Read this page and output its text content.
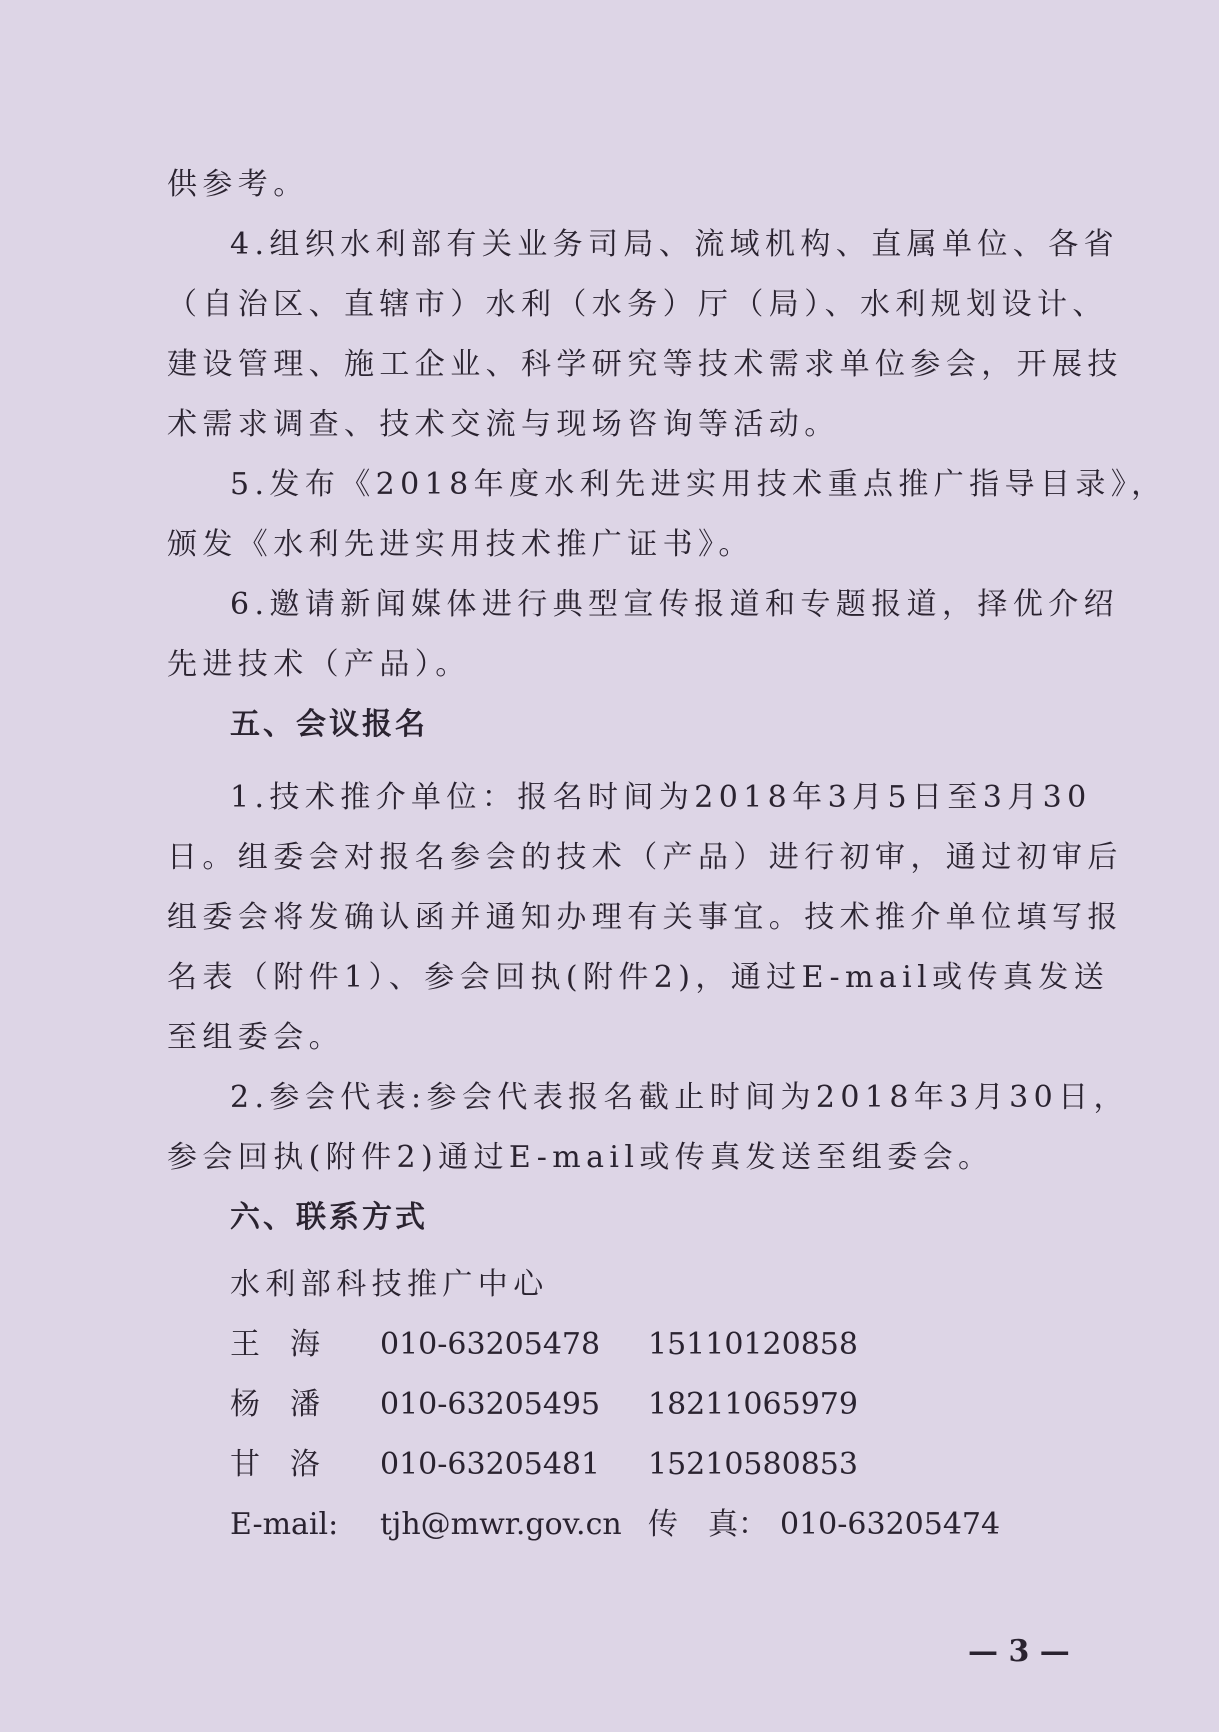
供参考。
4.组织水利部有关业务司局、流域机构、直属单位、各省
（自治区、直辖市）水利（水务）厅（局）、水利规划设计、
建设管理、施工企业、科学研究等技术需求单位参会，开展技
术需求调查、技术交流与现场咨询等活动。
5.发布《2018年度水利先进实用技术重点推广指导目录》，
颁发《水利先进实用技术推广证书》。
6.邀请新闻媒体进行典型宣传报道和专题报道，择优介绍
先进技术（产品）。
五、会议报名
1.技术推介单位：报名时间为2018年3月5日至3月30
日。组委会对报名参会的技术（产品）进行初审，通过初审后
组委会将发确认函并通知办理有关事宜。技术推介单位填写报
名表（附件1）、参会回执(附件2)，通过E-mail或传真发送
至组委会。
2.参会代表:参会代表报名截止时间为2018年3月30日，
参会回执(附件2)通过E-mail或传真发送至组委会。
六、联系方式
水利部科技推广中心
王　海 010-63205478 15110120858
杨　潘 010-63205495 18211065979
甘　洛 010-63205481 15210580853
E-mail: tjh@mwr.gov.cn 传　真： 010-63205474
— 3 —
